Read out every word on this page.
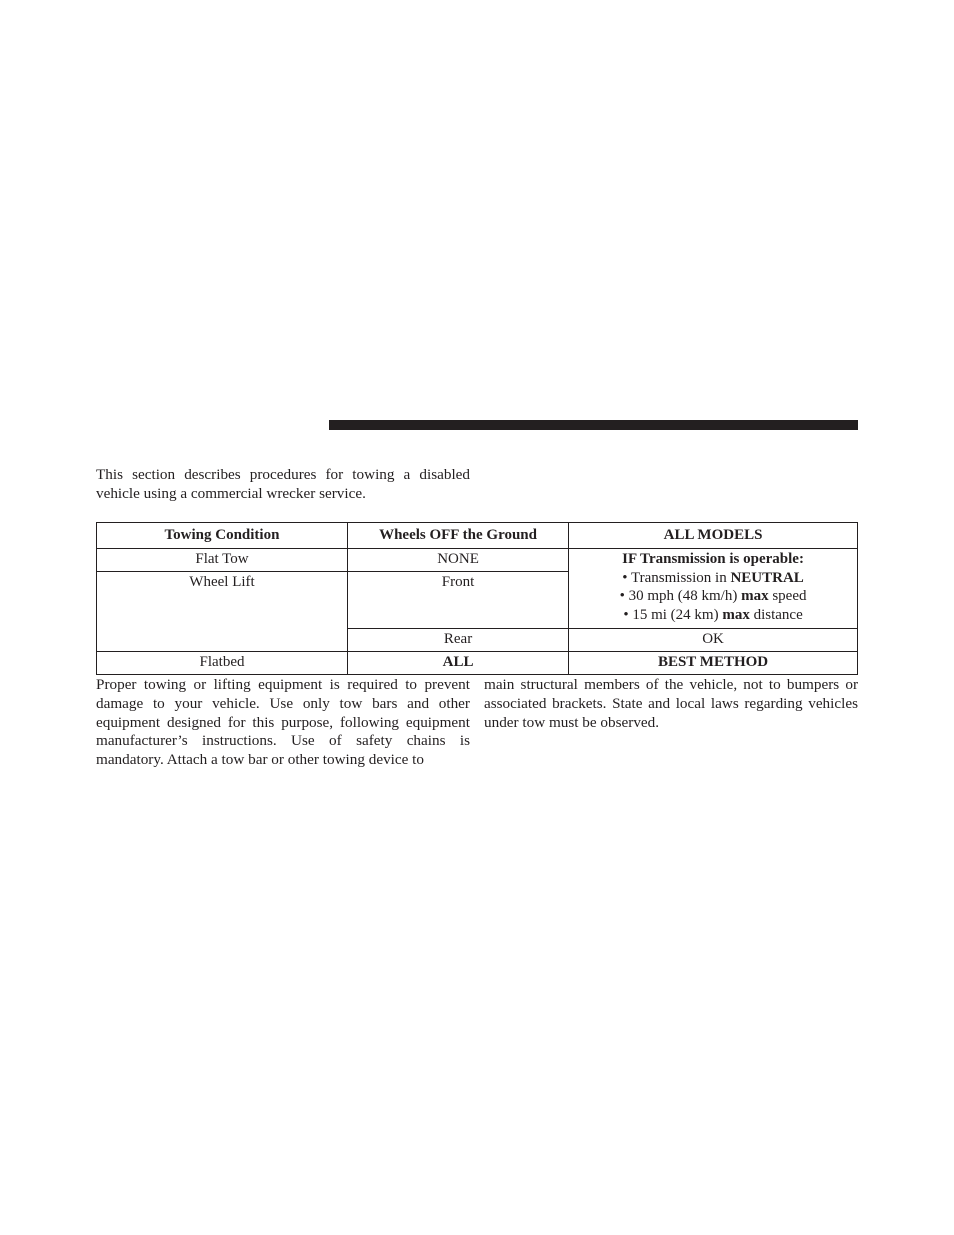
This section describes procedures for towing a disabled vehicle using a commercial wrecker service.

Towing Condition	Wheels OFF the Ground	ALL MODELS
Flat Tow	NONE	IF Transmission is operable:
• Transmission in NEUTRAL
• 30 mph (48 km/h) max speed
• 15 mi (24 km) max distance

Wheel Lift	Front	
	Rear	OK
Flatbed	ALL	BEST METHOD

Proper towing or lifting equipment is required to prevent damage to your vehicle. Use only tow bars and other equipment designed for this purpose, following equipment manufacturer’s instructions. Use of safety chains is mandatory. Attach a tow bar or other towing device to

main structural members of the vehicle, not to bumpers or associated brackets. State and local laws regarding vehicles under tow must be observed.
